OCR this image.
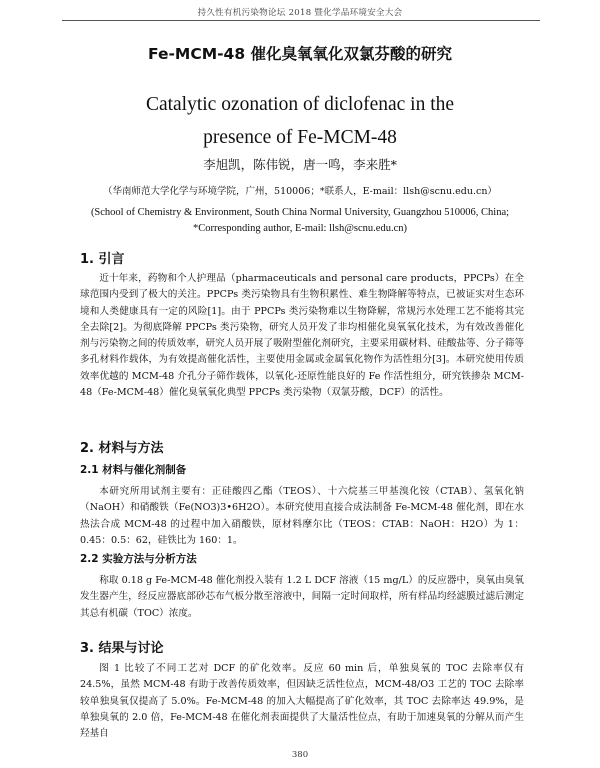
持久性有机污染物论坛 2018 暨化学品环境安全大会
Fe-MCM-48 催化臭氧氧化双氯芬酸的研究
Catalytic ozonation of diclofenac in the presence of Fe-MCM-48
李旭凯，陈伟锐，唐一鸣，李来胜*
（华南师范大学化学与环境学院，广州，510006；*联系人，E-mail：llsh@scnu.edu.cn）
(School of Chemistry & Environment, South China Normal University, Guangzhou 510006, China;
*Corresponding author, E-mail: llsh@scnu.edu.cn)
1. 引言
近十年来，药物和个人护理品（pharmaceuticals and personal care products，PPCPs）在全球范围内受到了极大的关注。PPCPs 类污染物具有生物积累性、难生物降解等特点，已被证实对生态环境和人类健康具有一定的风险[1]。由于 PPCPs 类污染物难以生物降解，常规污水处理工艺不能将其完全去除[2]。为彻底降解 PPCPs 类污染物，研究人员开发了非均相催化臭氧氧化技术，为有效改善催化剂与污染物之间的传质效率，研究人员开展了吸附型催化剂研究，主要采用碳材料、硅酸盐等、分子筛等多孔材料作载体，为有效提高催化活性，主要使用金属或金属氧化物作为活性组分[3]。本研究使用传质效率优越的 MCM-48 介孔分子筛作载体，以氧化-还原性能良好的 Fe 作活性组分，研究铁掺杂 MCM-48（Fe-MCM-48）催化臭氧氧化典型 PPCPs 类污染物（双氯芬酸，DCF）的活性。
2. 材料与方法
2.1 材料与催化剂制备
本研究所用试剂主要有：正硅酸四乙酯（TEOS）、十六烷基三甲基溴化铵（CTAB）、氢氧化钠（NaOH）和硝酸铁（Fe(NO3)3•6H2O）。本研究使用直接合成法制备 Fe-MCM-48 催化剂，即在水热法合成 MCM-48 的过程中加入硝酸铁，原材料摩尔比（TEOS：CTAB：NaOH：H2O）为 1：0.45：0.5：62，硅铁比为 160：1。
2.2 实验方法与分析方法
称取 0.18 g Fe-MCM-48 催化剂投入装有 1.2 L DCF 溶液（15 mg/L）的反应器中，臭氧由臭氧发生器产生，经反应器底部砂芯布气板分散至溶液中，间隔一定时间取样，所有样品均经滤膜过滤后测定其总有机碳（TOC）浓度。
3. 结果与讨论
图 1 比较了不同工艺对 DCF 的矿化效率。反应 60 min 后，单独臭氧的 TOC 去除率仅有 24.5%，虽然 MCM-48 有助于改善传质效率，但因缺乏活性位点，MCM-48/O3 工艺的 TOC 去除率较单独臭氧仅提高了 5.0%。Fe-MCM-48 的加入大幅提高了矿化效率，其 TOC 去除率达 49.9%，是单独臭氧的 2.0 倍，Fe-MCM-48 在催化剂表面提供了大量活性位点，有助于加速臭氧的分解从而产生羟基自
380
